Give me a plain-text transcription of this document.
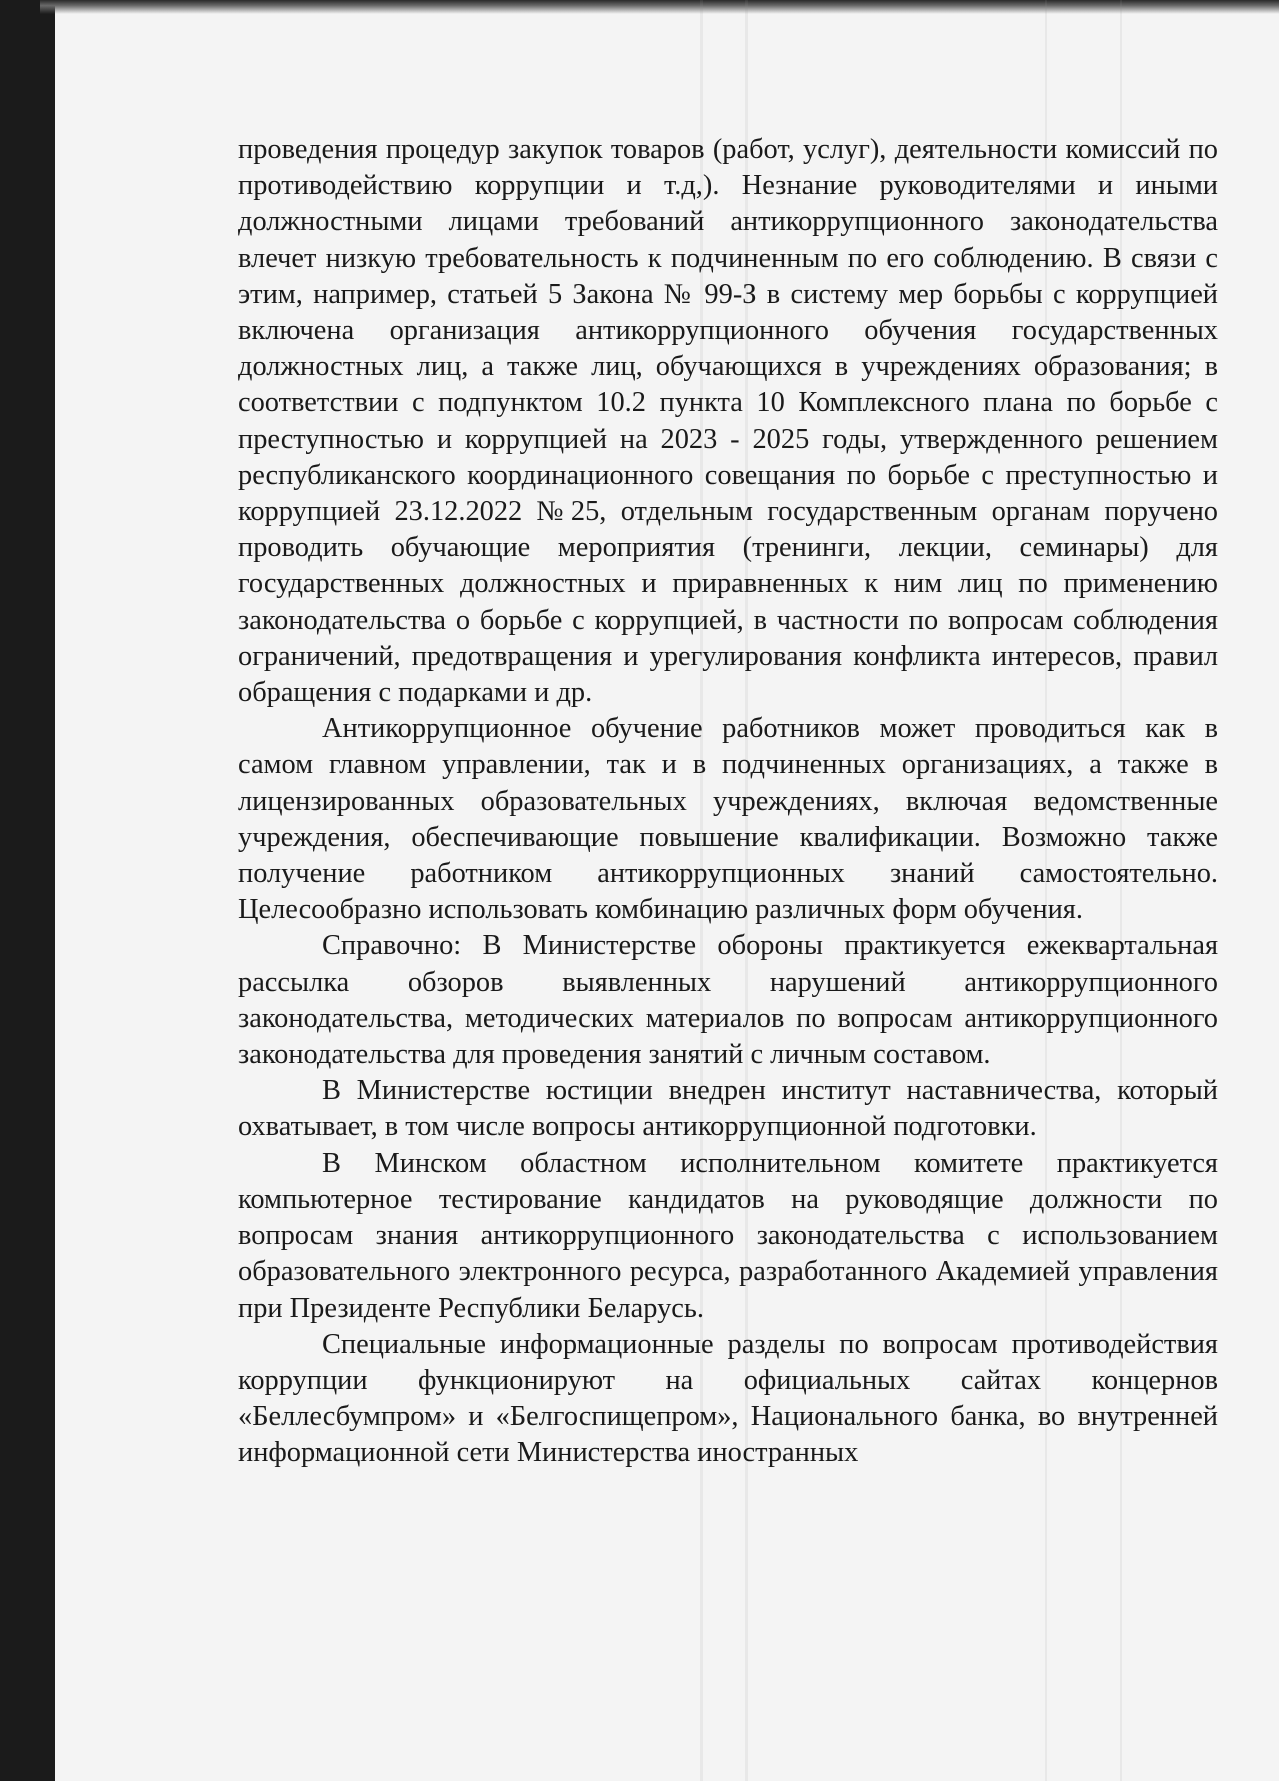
проведения процедур закупок товаров (работ, услуг), деятельности комиссий по противодействию коррупции и т.д,). Незнание руководителями и иными должностными лицами требований антикоррупционного законодательства влечет низкую требовательность к подчиненным по его соблюдению. В связи с этим, например, статьей 5 Закона № 99-З в систему мер борьбы с коррупцией включена организация антикоррупционного обучения государственных должностных лиц, а также лиц, обучающихся в учреждениях образования; в соответствии с подпунктом 10.2 пункта 10 Комплексного плана по борьбе с преступностью и коррупцией на 2023 - 2025 годы, утвержденного решением республиканского координационного совещания по борьбе с преступностью и коррупцией 23.12.2022 №25, отдельным государственным органам поручено проводить обучающие мероприятия (тренинги, лекции, семинары) для государственных должностных и приравненных к ним лиц по применению законодательства о борьбе с коррупцией, в частности по вопросам соблюдения ограничений, предотвращения и урегулирования конфликта интересов, правил обращения с подарками и др.

Антикоррупционное обучение работников может проводиться как в самом главном управлении, так и в подчиненных организациях, а также в лицензированных образовательных учреждениях, включая ведомственные учреждения, обеспечивающие повышение квалификации. Возможно также получение работником антикоррупционных знаний самостоятельно. Целесообразно использовать комбинацию различных форм обучения.

Справочно: В Министерстве обороны практикуется ежеквартальная рассылка обзоров выявленных нарушений антикоррупционного законодательства, методических материалов по вопросам антикоррупционного законодательства для проведения занятий с личным составом.

В Министерстве юстиции внедрен институт наставничества, который охватывает, в том числе вопросы антикоррупционной подготовки.

В Минском областном исполнительном комитете практикуется компьютерное тестирование кандидатов на руководящие должности по вопросам знания антикоррупционного законодательства с использованием образовательного электронного ресурса, разработанного Академией управления при Президенте Республики Беларусь.

Специальные информационные разделы по вопросам противодействия коррупции функционируют на официальных сайтах концернов «Беллесбумпром» и «Белгоспищепром», Национального банка, во внутренней информационной сети Министерства иностранных
